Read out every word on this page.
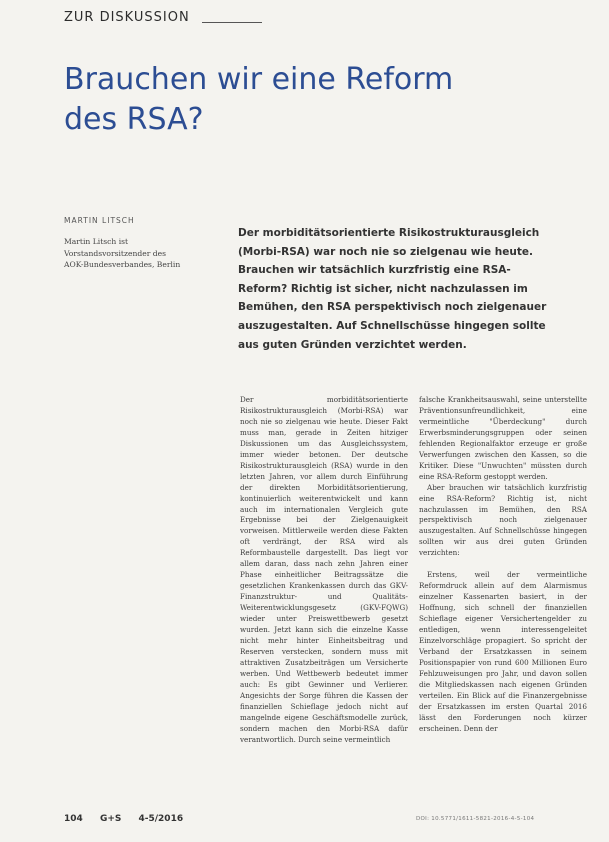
ZUR DISKUSSION
Brauchen wir eine Reform des RSA?
MARTIN LITSCH
Martin Litsch ist Vorstandsvorsitzender des AOK-Bundesverbandes, Berlin

Der morbiditätsorientierte Risikostrukturausgleich (Morbi-RSA) war noch nie so zielgenau wie heute. Brauchen wir tatsächlich kurzfristig eine RSA-Reform? Richtig ist sicher, nicht nachzulassen im Bemühen, den RSA perspektivisch noch zielgenauer auszugestalten. Auf Schnellschüsse hingegen sollte aus guten Gründen verzichtet werden.

Der morbiditätsorientierte Risikostrukturausgleich (Morbi-RSA) war noch nie so zielgenau wie heute. Dieser Fakt muss man, gerade in Zeiten hitziger Diskussionen um das Ausgleichssystem, immer wieder betonen. Der deutsche Risikostrukturausgleich (RSA) wurde in den letzten Jahren, vor allem durch Einführung der direkten Morbiditätsorientierung, kontinuierlich weiterentwickelt und kann auch im internationalen Vergleich gute Ergebnisse bei der Zielgenauigkeit vorweisen. Mittlerweile werden diese Fakten oft verdrängt, der RSA wird als Reformbaustelle dargestellt. Das liegt vor allem daran, dass nach zehn Jahren einer Phase einheitlicher Beitragssätze die gesetzlichen Krankenkassen durch das GKV-Finanzstruktur- und Qualitäts-Weiterentwicklungsgesetz (GKV-FQWG) wieder unter Preiswettbewerb gesetzt wurden. Jetzt kann sich die einzelne Kasse nicht mehr hinter Einheitsbeitrag und Reserven verstecken, sondern muss mit attraktiven Zusatzbeiträgen um Versicherte werben. Und Wettbewerb bedeutet immer auch: Es gibt Gewinner und Verlierer. Angesichts der Sorge führen die Kassen der finanziellen Schieflage jedoch nicht auf mangelnde eigene Geschäftsmodelle zurück, sondern machen den Morbi-RSA dafür verantwortlich. Durch seine vermeintlich

falsche Krankheitsauswahl, seine unterstellte Präventionsunfreundlichkeit, eine vermeintliche "Überdeckung" durch Erwerbsminderungsgruppen oder seinen fehlenden Regionalfaktor erzeuge er große Verwerfungen zwischen den Kassen, so die Kritiker. Diese "Unwuchten" müssten durch eine RSA-Reform gestoppt werden.

Aber brauchen wir tatsächlich kurzfristig eine RSA-Reform? Richtig ist, nicht nachzulassen im Bemühen, den RSA perspektivisch noch zielgenauer auszugestalten. Auf Schnellschüsse hingegen sollten wir aus drei guten Gründen verzichten:

Erstens, weil der vermeintliche Reformdruck allein auf dem Alarmismus einzelner Kassenarten basiert, in der Hoffnung, sich schnell der finanziellen Schieflage eigener Versichertengelder zu entledigen, wenn interessengeleitet Einzelvorschläge propagiert. So spricht der Verband der Ersatzkassen in seinem Positionspapier von rund 600 Millionen Euro Fehlzuweisungen pro Jahr, und davon sollen die Mitgliedskassen nach eigenen Gründen verteilen. Ein Blick auf die Finanzergebnisse der Ersatzkassen im ersten Quartal 2016 lässt den Forderungen noch kürzer erscheinen. Denn der

104 G+S 4-5/2016	DOI: 10.5771/1611-5821-2016-4-5-104
